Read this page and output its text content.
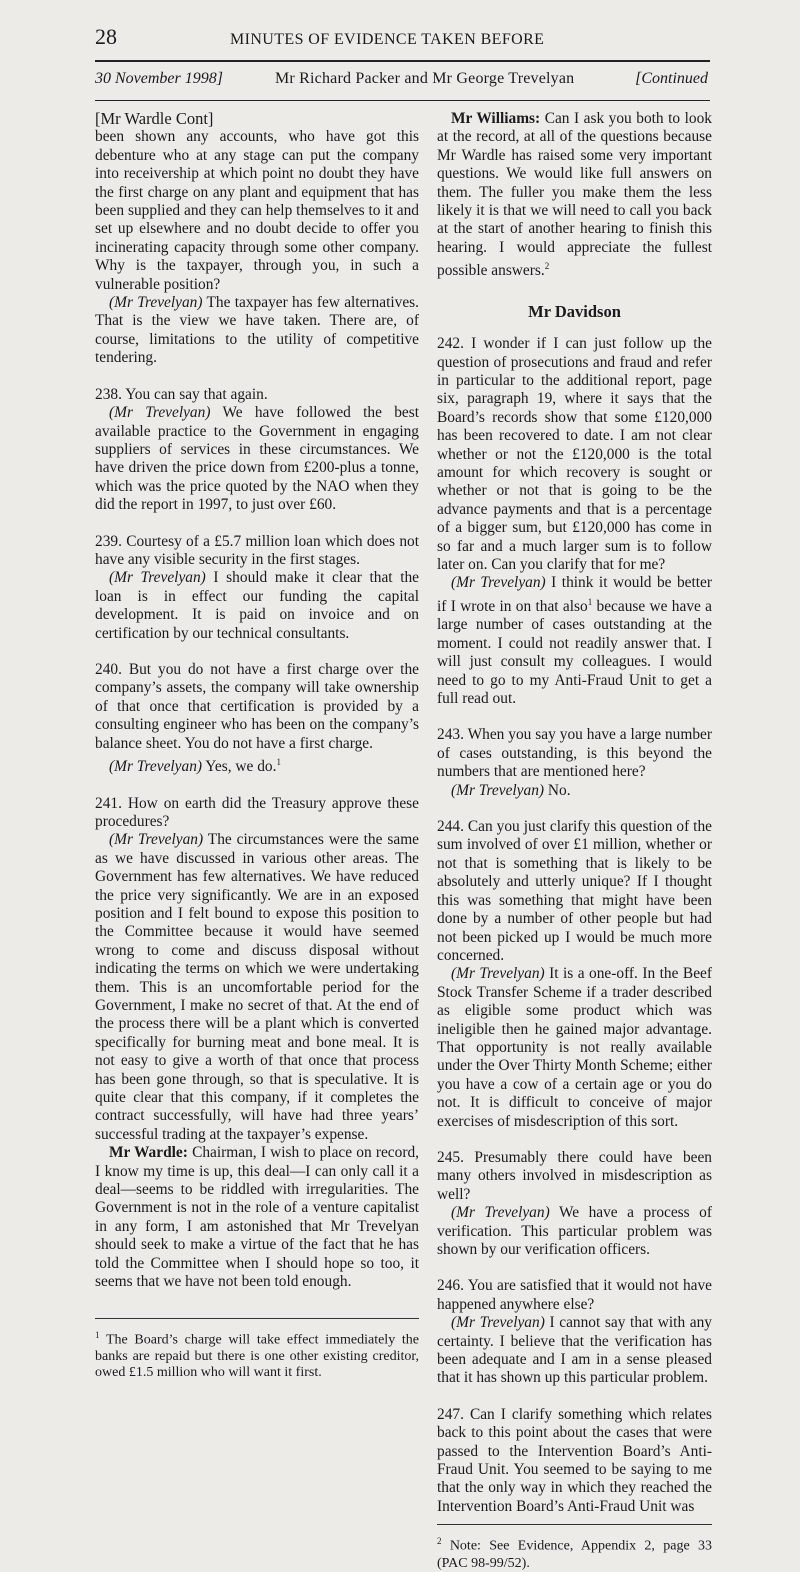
28	MINUTES OF EVIDENCE TAKEN BEFORE
30 November 1998]	Mr Richard Packer and Mr George Trevelyan	[Continued
[Mr Wardle Cont]
been shown any accounts, who have got this debenture who at any stage can put the company into receivership at which point no doubt they have the first charge on any plant and equipment that has been supplied and they can help themselves to it and set up elsewhere and no doubt decide to offer you incinerating capacity through some other company. Why is the taxpayer, through you, in such a vulnerable position?
(Mr Trevelyan) The taxpayer has few alternatives. That is the view we have taken. There are, of course, limitations to the utility of competitive tendering.
238. You can say that again.
(Mr Trevelyan) We have followed the best available practice to the Government in engaging suppliers of services in these circumstances. We have driven the price down from £200-plus a tonne, which was the price quoted by the NAO when they did the report in 1997, to just over £60.
239. Courtesy of a £5.7 million loan which does not have any visible security in the first stages.
(Mr Trevelyan) I should make it clear that the loan is in effect our funding the capital development. It is paid on invoice and on certification by our technical consultants.
240. But you do not have a first charge over the company’s assets, the company will take ownership of that once that certification is provided by a consulting engineer who has been on the company’s balance sheet. You do not have a first charge.
(Mr Trevelyan) Yes, we do.$^1$
241. How on earth did the Treasury approve these procedures?
(Mr Trevelyan) The circumstances were the same as we have discussed in various other areas. The Government has few alternatives. We have reduced the price very significantly. We are in an exposed position and I felt bound to expose this position to the Committee because it would have seemed wrong to come and discuss disposal without indicating the terms on which we were undertaking them. This is an uncomfortable period for the Government, I make no secret of that. At the end of the process there will be a plant which is converted specifically for burning meat and bone meal. It is not easy to give a worth of that once that process has been gone through, so that is speculative. It is quite clear that this company, if it completes the contract successfully, will have had three years’ successful trading at the taxpayer’s expense.
Mr Wardle: Chairman, I wish to place on record, I know my time is up, this deal—I can only call it a deal—seems to be riddled with irregularities. The Government is not in the role of a venture capitalist in any form, I am astonished that Mr Trevelyan should seek to make a virtue of the fact that he has told the Committee when I should hope so too, it seems that we have not been told enough.
$^1$ The Board’s charge will take effect immediately the banks are repaid but there is one other existing creditor, owed £1.5 million who will want it first.
Mr Williams: Can I ask you both to look at the record, at all of the questions because Mr Wardle has raised some very important questions. We would like full answers on them. The fuller you make them the less likely it is that we will need to call you back at the start of another hearing to finish this hearing. I would appreciate the fullest possible answers.$^2$
Mr Davidson
242. I wonder if I can just follow up the question of prosecutions and fraud and refer in particular to the additional report, page six, paragraph 19, where it says that the Board’s records show that some £120,000 has been recovered to date. I am not clear whether or not the £120,000 is the total amount for which recovery is sought or whether or not that is going to be the advance payments and that is a percentage of a bigger sum, but £120,000 has come in so far and a much larger sum is to follow later on. Can you clarify that for me?
(Mr Trevelyan) I think it would be better if I wrote in on that also$^1$ because we have a large number of cases outstanding at the moment. I could not readily answer that. I will just consult my colleagues. I would need to go to my Anti-Fraud Unit to get a full read out.
243. When you say you have a large number of cases outstanding, is this beyond the numbers that are mentioned here?
(Mr Trevelyan) No.
244. Can you just clarify this question of the sum involved of over £1 million, whether or not that is something that is likely to be absolutely and utterly unique? If I thought this was something that might have been done by a number of other people but had not been picked up I would be much more concerned.
(Mr Trevelyan) It is a one-off. In the Beef Stock Transfer Scheme if a trader described as eligible some product which was ineligible then he gained major advantage. That opportunity is not really available under the Over Thirty Month Scheme; either you have a cow of a certain age or you do not. It is difficult to conceive of major exercises of misdescription of this sort.
245. Presumably there could have been many others involved in misdescription as well?
(Mr Trevelyan) We have a process of verification. This particular problem was shown by our verification officers.
246. You are satisfied that it would not have happened anywhere else?
(Mr Trevelyan) I cannot say that with any certainty. I believe that the verification has been adequate and I am in a sense pleased that it has shown up this particular problem.
247. Can I clarify something which relates back to this point about the cases that were passed to the Intervention Board’s Anti-Fraud Unit. You seemed to be saying to me that the only way in which they reached the Intervention Board’s Anti-Fraud Unit was
$^2$ Note: See Evidence, Appendix 2, page 33 (PAC 98-99/52).
